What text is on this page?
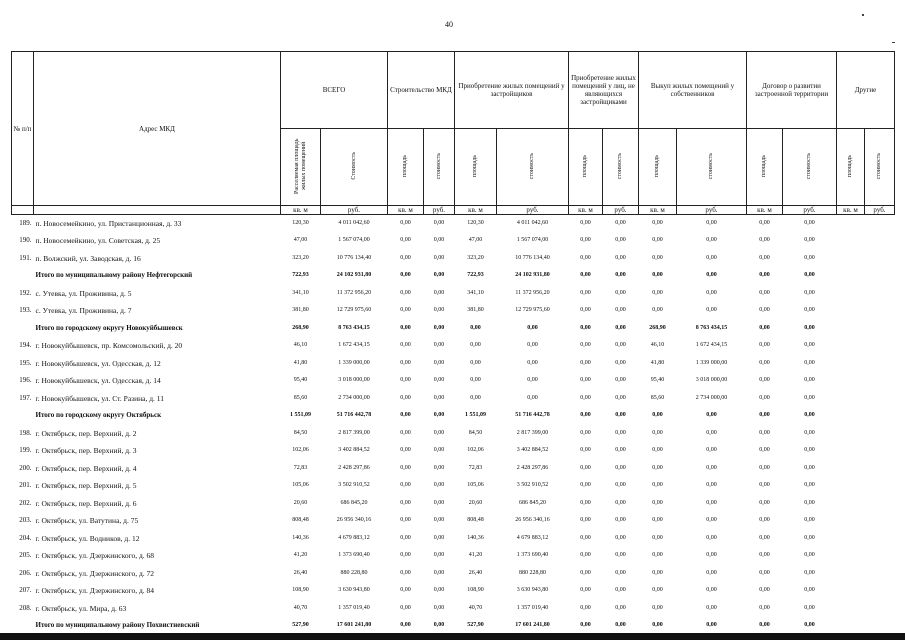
40
№ п/п	Адрес МКД	ВСЕГО		Строительство МКД		Приобретение жилых помещений у застройщиков		Приобретение жилых помещений у лиц, не являющихся застройщиками		Выкуп жилых помещений у собственников		Договор о развитии застроенной территории		Другие	
		Расселяемая площадь жилых помещений	Стоимость	площадь	стоимость	площадь	стоимость	площадь	стоимость	площадь	стоимость	площадь	стоимость	площадь	стоимость
		кв. м	руб.	кв. м	руб.	кв. м	руб.	кв. м	руб.	кв. м	руб.	кв. м	руб.	кв. м	руб.
189.	п. Новосемейкино, ул. Пристанционная, д. 33	120,30	4 011 042,60	0,00	0,00	120,30	4 011 042,60	0,00	0,00	0,00	0,00	0,00	0,00		
190.	п. Новосемейкино, ул. Советская, д. 25	47,00	1 567 074,00	0,00	0,00	47,00	1 567 074,00	0,00	0,00	0,00	0,00	0,00	0,00		
191.	п. Волжский, ул. Заводская, д. 16	323,20	10 776 134,40	0,00	0,00	323,20	10 776 134,40	0,00	0,00	0,00	0,00	0,00	0,00		
	Итого по муниципальному району Нефтегорский	722,93	24 102 931,80	0,00	0,00	722,93	24 102 931,80	0,00	0,00	0,00	0,00	0,00	0,00		
192.	с. Утевка, ул. Проживина, д. 5	341,10	11 372 956,20	0,00	0,00	341,10	11 372 956,20	0,00	0,00	0,00	0,00	0,00	0,00		
193.	с. Утевка, ул. Проживина, д. 7	381,80	12 729 975,60	0,00	0,00	381,80	12 729 975,60	0,00	0,00	0,00	0,00	0,00	0,00		
	Итого по городскому округу Новокуйбышевск	268,90	8 763 434,15	0,00	0,00	0,00	0,00	0,00	0,00	268,90	8 763 434,15	0,00	0,00		
194.	г. Новокуйбышевск, пр. Комсомольский, д. 20	46,10	1 672 434,15	0,00	0,00	0,00	0,00	0,00	0,00	46,10	1 672 434,15	0,00	0,00		
195.	г. Новокуйбышевск, ул. Одесская, д. 12	41,80	1 339 000,00	0,00	0,00	0,00	0,00	0,00	0,00	41,80	1 339 000,00	0,00	0,00		
196.	г. Новокуйбышевск, ул. Одесская, д. 14	95,40	3 018 000,00	0,00	0,00	0,00	0,00	0,00	0,00	95,40	3 018 000,00	0,00	0,00		
197.	г. Новокуйбышевск, ул. Ст. Разина, д. 11	85,60	2 734 000,00	0,00	0,00	0,00	0,00	0,00	0,00	85,60	2 734 000,00	0,00	0,00		
	Итого по городскому округу Октябрьск	1 551,09	51 716 442,78	0,00	0,00	1 551,09	51 716 442,78	0,00	0,00	0,00	0,00	0,00	0,00		
198.	г. Октябрьск, пер. Верхний, д. 2	84,50	2 817 399,00	0,00	0,00	84,50	2 817 399,00	0,00	0,00	0,00	0,00	0,00	0,00		
199.	г. Октябрьск, пер. Верхний, д. 3	102,06	3 402 884,52	0,00	0,00	102,06	3 402 884,52	0,00	0,00	0,00	0,00	0,00	0,00		
200.	г. Октябрьск, пер. Верхний, д. 4	72,83	2 428 297,86	0,00	0,00	72,83	2 428 297,86	0,00	0,00	0,00	0,00	0,00	0,00		
201.	г. Октябрьск, пер. Верхний, д. 5	105,06	3 502 910,52	0,00	0,00	105,06	3 502 910,52	0,00	0,00	0,00	0,00	0,00	0,00		
202.	г. Октябрьск, пер. Верхний, д. 6	20,60	686 845,20	0,00	0,00	20,60	686 845,20	0,00	0,00	0,00	0,00	0,00	0,00		
203.	г. Октябрьск, ул. Ватутина, д. 75	808,48	26 956 340,16	0,00	0,00	808,48	26 956 340,16	0,00	0,00	0,00	0,00	0,00	0,00		
204.	г. Октябрьск, ул. Водников, д. 12	140,36	4 679 883,12	0,00	0,00	140,36	4 679 883,12	0,00	0,00	0,00	0,00	0,00	0,00		
205.	г. Октябрьск, ул. Дзержинского, д. 68	41,20	1 373 690,40	0,00	0,00	41,20	1 373 690,40	0,00	0,00	0,00	0,00	0,00	0,00		
206.	г. Октябрьск, ул. Дзержинского, д. 72	26,40	880 228,80	0,00	0,00	26,40	880 228,80	0,00	0,00	0,00	0,00	0,00	0,00		
207.	г. Октябрьск, ул. Дзержинского, д. 84	108,90	3 630 943,80	0,00	0,00	108,90	3 630 943,80	0,00	0,00	0,00	0,00	0,00	0,00		
208.	г. Октябрьск, ул. Мира, д. 63	40,70	1 357 019,40	0,00	0,00	40,70	1 357 019,40	0,00	0,00	0,00	0,00	0,00	0,00		
	Итого по муниципальному району Похвистневский	527,90	17 601 241,80	0,00	0,00	527,90	17 601 241,80	0,00	0,00	0,00	0,00	0,00	0,00		
